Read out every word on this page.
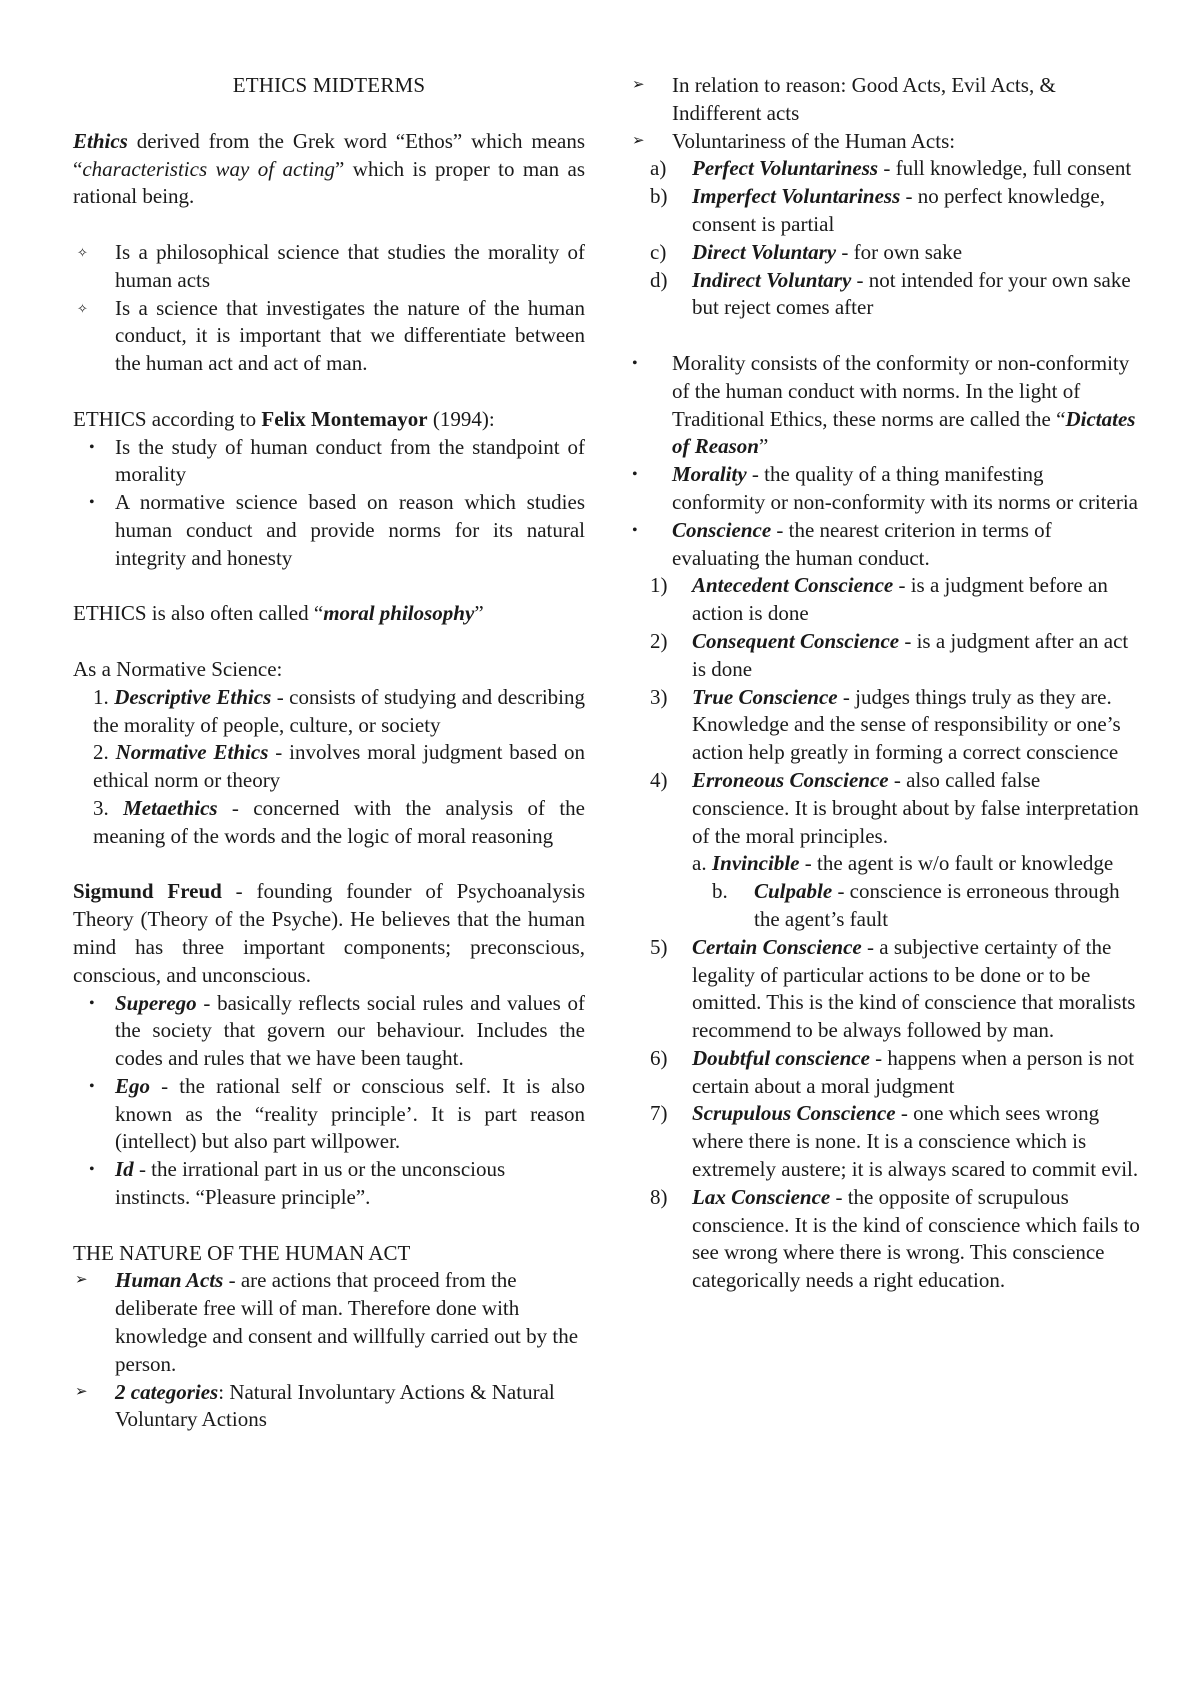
ETHICS MIDTERMS

Ethics derived from the Grek word “Ethos” which means “characteristics way of acting” which is proper to man as rational being.

✧	Is a philosophical science that studies the morality of human acts
✧	Is a science that investigates the nature of the human conduct, it is important that we differentiate between the human act and act of man.

ETHICS according to Felix Montemayor (1994):

• Is the study of human conduct from the standpoint of morality
• A normative science based on reason which studies human conduct and provide norms for its natural integrity and honesty

ETHICS is also often called “moral philosophy”

As a Normative Science:

1. Descriptive Ethics - consists of studying and describing the morality of people, culture, or society

2. Normative Ethics - involves moral judgment based on ethical norm or theory

3. Metaethics - concerned with the analysis of the meaning of the words and the logic of moral reasoning

Sigmund Freud - founding founder of Psychoanalysis Theory (Theory of the Psyche). He believes that the human mind has three important components; preconscious, conscious, and unconscious.

• Superego - basically reflects social rules and values of the society that govern our behaviour. Includes the codes and rules that we have been taught.
• Ego - the rational self or conscious self. It is also known as the “reality principle’. It is part reason (intellect) but also part willpower.
• Id - the irrational part in us or the unconscious instincts. “Pleasure principle”.

THE NATURE OF THE HUMAN ACT

➢	Human Acts - are actions that proceed from the deliberate free will of man. Therefore done with knowledge and consent and willfully carried out by the person.
➢	2 categories: Natural Involuntary Actions & Natural Voluntary Actions
➢	In relation to reason: Good Acts, Evil Acts, & Indifferent acts
➢	Voluntariness of the Human Acts:
a)	Perfect Voluntariness - full knowledge, full consent
b)	Imperfect Voluntariness - no perfect knowledge, consent is partial
c)	Direct Voluntary - for own sake
d)	Indirect Voluntary - not intended for your own sake but reject comes after
•	Morality consists of the conformity or non-conformity of the human conduct with norms. In the light of Traditional Ethics, these norms are called the “Dictates of Reason”
•	Morality - the quality of a thing manifesting conformity or non-conformity with its norms or criteria
•	Conscience - the nearest criterion in terms of evaluating the human conduct.
1)	Antecedent Conscience - is a judgment before an action is done
2)	Consequent Conscience - is a judgment after an act is done
3)	True Conscience - judges things truly as they are. Knowledge and the sense of responsibility or one’s action help greatly in forming a correct conscience
4)	Erroneous Conscience - also called false conscience. It is brought about by false interpretation of the moral principles.
a. Invincible - the agent is w/o fault or knowledge
b.	Culpable - conscience is erroneous through the agent’s fault
5)	Certain Conscience - a subjective certainty of the legality of particular actions to be done or to be omitted. This is the kind of conscience that moralists recommend to be always followed by man.
6)	Doubtful conscience - happens when a person is not certain about a moral judgment
7)	Scrupulous Conscience - one which sees wrong where there is none. It is a conscience which is extremely austere; it is always scared to commit evil.
8)	Lax Conscience - the opposite of scrupulous conscience. It is the kind of conscience which fails to see wrong where there is wrong. This conscience categorically needs a right education.
